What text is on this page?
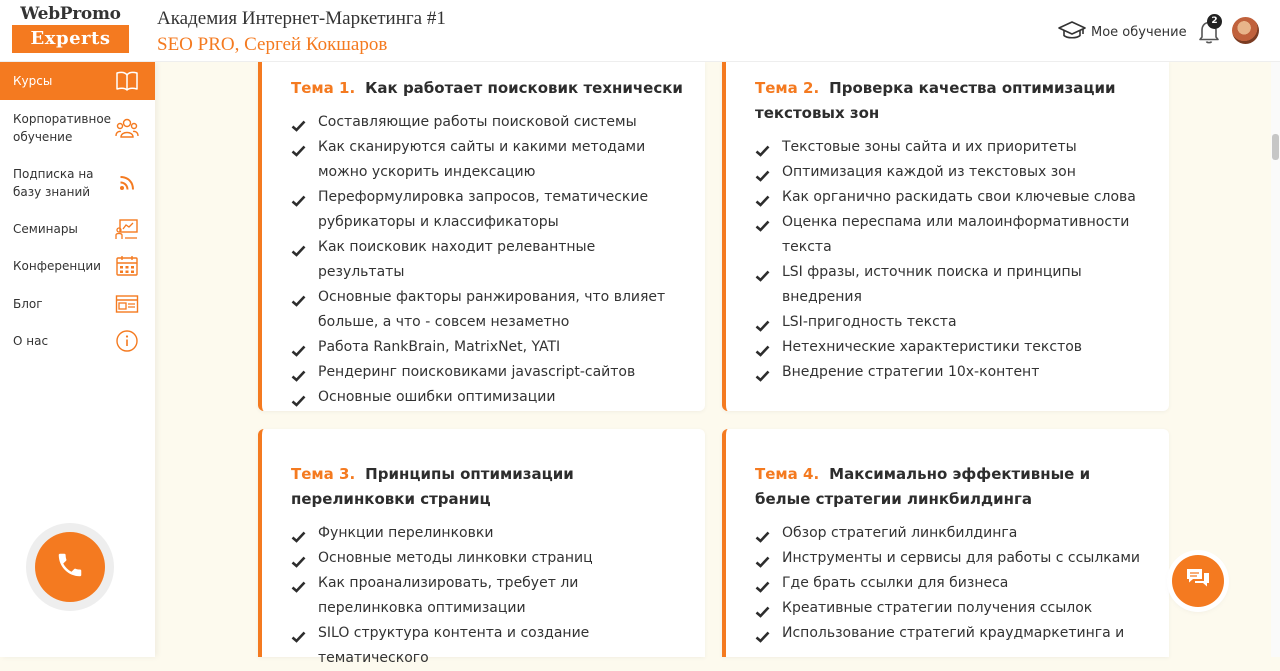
WebPromo
Experts
Академия Интернет-Маркетинга #1
SEO PRO, Сергей Кокшаров
Мое обучение
2
Курсы
Корпоративное обучение
Подписка на базу знаний
Семинары
Конференции
Блог
О нас
Тема 1. Как работает поисковик технически
Составляющие работы поисковой системы
Как сканируются сайты и какими методами можно ускорить индексацию
Переформулировка запросов, тематические рубрикаторы и классификаторы
Как поисковик находит релевантные результаты
Основные факторы ранжирования, что влияет больше, а что - совсем незаметно
Работа RankBrain, MatrixNet, YATI
Рендеринг поисковиками javascript-сайтов
Основные ошибки оптимизации
Тема 2. Проверка качества оптимизации текстовых зон
Текстовые зоны сайта и их приоритеты
Оптимизация каждой из текстовых зон
Как органично раскидать свои ключевые слова
Оценка переспама или малоинформативности текста
LSI фразы, источник поиска и принципы внедрения
LSI-пригодность текста
Нетехнические характеристики текстов
Внедрение стратегии 10х-контент
Тема 3. Принципы оптимизации перелинковки страниц
Функции перелинковки
Основные методы линковки страниц
Как проанализировать, требует ли перелинковка оптимизации
SILO структура контента и создание тематического
Тема 4. Максимально эффективные и белые стратегии линкбилдинга
Обзор стратегий линкбилдинга
Инструменты и сервисы для работы с ссылками
Где брать ссылки для бизнеса
Креативные стратегии получения ссылок
Использование стратегий краудмаркетинга и
